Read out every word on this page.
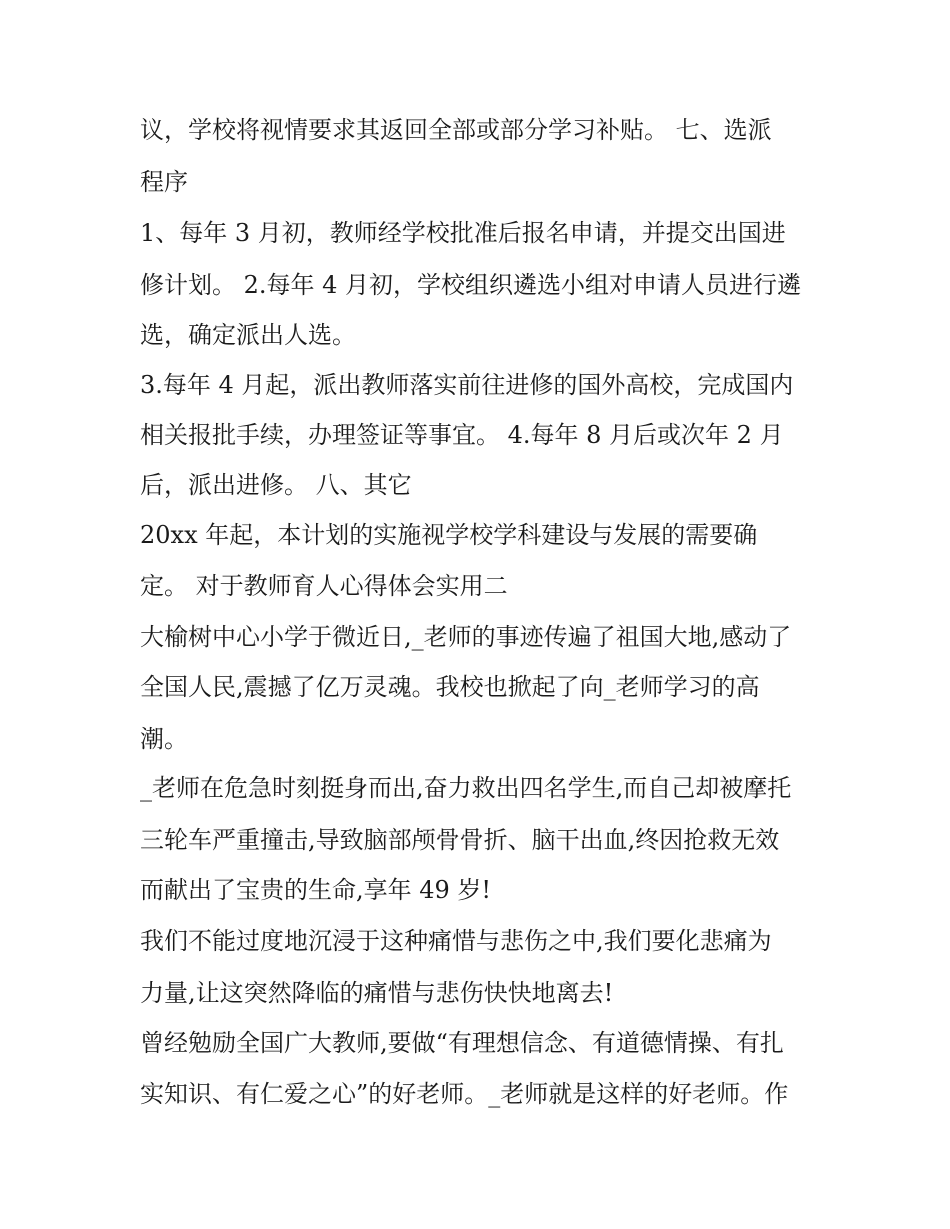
议，学校将视情要求其返回全部或部分学习补贴。 七、选派
程序
1、每年 3 月初，教师经学校批准后报名申请，并提交出国进
修计划。 2.每年 4 月初，学校组织遴选小组对申请人员进行遴
选，确定派出人选。
3.每年 4 月起，派出教师落实前往进修的国外高校，完成国内
相关报批手续，办理签证等事宜。 4.每年 8 月后或次年 2 月
后，派出进修。 八、其它
20xx 年起，本计划的实施视学校学科建设与发展的需要确
定。 对于教师育人心得体会实用二
大榆树中心小学于微近日,_老师的事迹传遍了祖国大地,感动了
全国人民,震撼了亿万灵魂。我校也掀起了向_老师学习的高
潮。
_老师在危急时刻挺身而出,奋力救出四名学生,而自己却被摩托
三轮车严重撞击,导致脑部颅骨骨折、脑干出血,终因抢救无效
而献出了宝贵的生命,享年 49 岁!
我们不能过度地沉浸于这种痛惜与悲伤之中,我们要化悲痛为
力量,让这突然降临的痛惜与悲伤快快地离去!
曾经勉励全国广大教师,要做“有理想信念、有道德情操、有扎
实知识、有仁爱之心”的好老师。_老师就是这样的好老师。作
